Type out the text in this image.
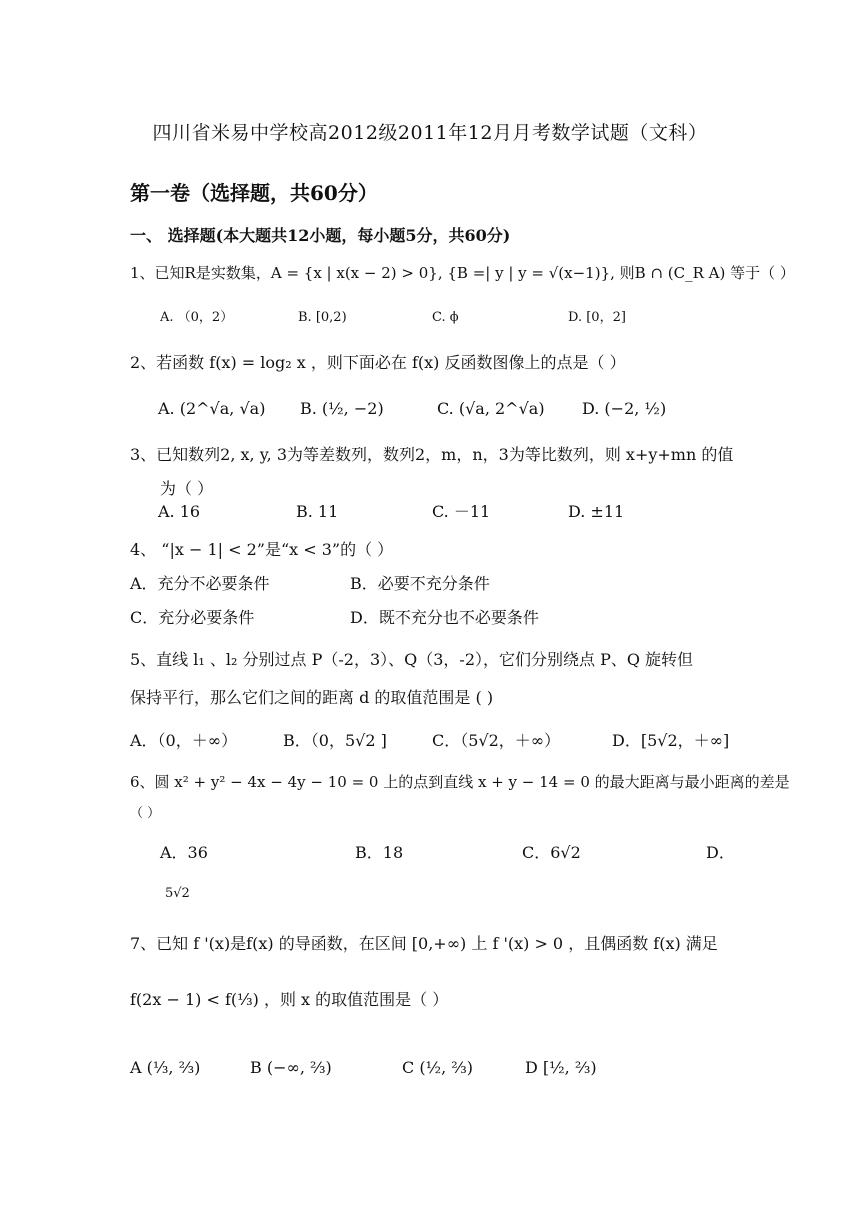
四川省米易中学校高2012级2011年12月月考数学试题（文科）
第一卷（选择题，共60分）
一、 选择题(本大题共12小题，每小题5分，共60分)
1、已知R是实数集，A = {x | x(x − 2) > 0}, {B =| y | y = √(x−1)}, 则B ∩ (C_R A) 等于（ ）
A. （0，2）	B. [0,2)	C. ϕ	D. [0，2]
2、若函数 f(x) = log₂ x ，则下面必在 f(x) 反函数图像上的点是（ ）
A. (2^√a, √a) B. (½, −2)	C. (√a, 2^√a) D. (−2, ½)
3、已知数列2, x, y, 3为等差数列，数列2，m，n，3为等比数列，则 x+y+mn 的值
为（ ）
A. 16	B. 11	C. －11	D. ±11
4、 “|x − 1| < 2”是“x < 3”的（ ）
A．充分不必要条件	B．必要不充分条件
C．充分必要条件	D．既不充分也不必要条件
5、直线 l₁ 、l₂ 分别过点 P（-2，3）、Q（3，-2），它们分别绕点 P、Q 旋转但
保持平行，那么它们之间的距离 d 的取值范围是 ( )
A．（0，＋∞）	B．（0，5√2 ]	C．（5√2，＋∞）	D．[5√2，＋∞]
6、圆 x² + y² − 4x − 4y − 10 = 0 上的点到直线 x + y − 14 = 0 的最大距离与最小距离的差是
（ ）
A．36	B．18	C．6√2	D．
5√2
7、已知 f '(x)是f(x) 的导函数，在区间 [0,+∞) 上 f '(x) > 0 ，且偶函数 f(x) 满足
f(2x − 1) < f(⅓) ，则 x 的取值范围是（ ）
A (⅓, ⅔)	B (−∞, ⅔)	C (½, ⅔)	D [½, ⅔)
